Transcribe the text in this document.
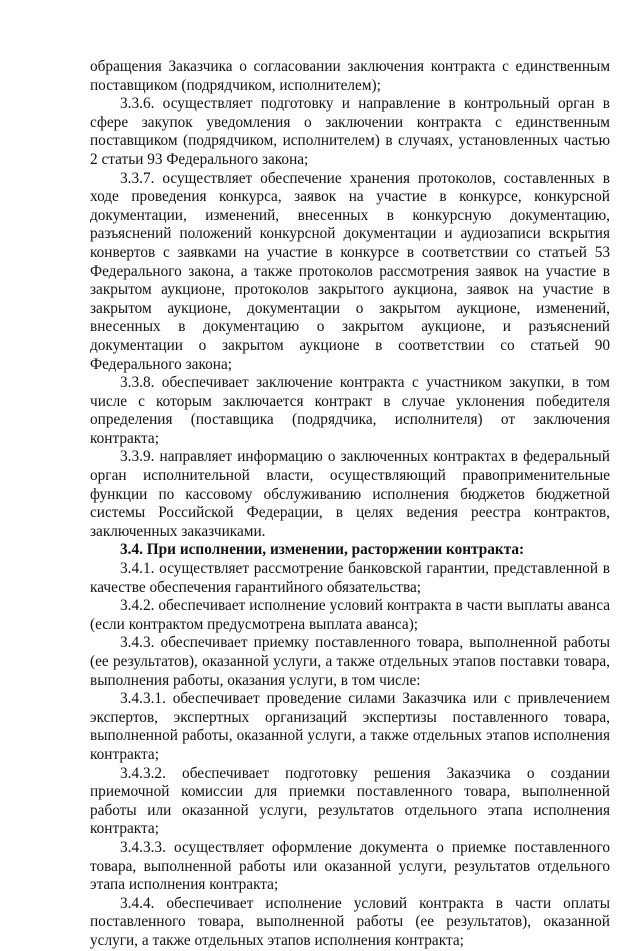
обращения Заказчика о согласовании заключения контракта с единственным поставщиком (подрядчиком, исполнителем);

3.3.6. осуществляет подготовку и направление в контрольный орган в сфере закупок уведомления о заключении контракта с единственным поставщиком (подрядчиком, исполнителем) в случаях, установленных частью 2 статьи 93 Федерального закона;

3.3.7. осуществляет обеспечение хранения протоколов, составленных в ходе проведения конкурса, заявок на участие в конкурсе, конкурсной документации, изменений, внесенных в конкурсную документацию, разъяснений положений конкурсной документации и аудиозаписи вскрытия конвертов с заявками на участие в конкурсе в соответствии со статьей 53 Федерального закона, а также протоколов рассмотрения заявок на участие в закрытом аукционе, протоколов закрытого аукциона, заявок на участие в закрытом аукционе, документации о закрытом аукционе, изменений, внесенных в документацию о закрытом аукционе, и разъяснений документации о закрытом аукционе в соответствии со статьей 90 Федерального закона;

3.3.8. обеспечивает заключение контракта с участником закупки, в том числе с которым заключается контракт в случае уклонения победителя определения (поставщика (подрядчика, исполнителя) от заключения контракта;

3.3.9. направляет информацию о заключенных контрактах в федеральный орган исполнительной власти, осуществляющий правоприменительные функции по кассовому обслуживанию исполнения бюджетов бюджетной системы Российской Федерации, в целях ведения реестра контрактов, заключенных заказчиками.

3.4. При исполнении, изменении, расторжении контракта:

3.4.1. осуществляет рассмотрение банковской гарантии, представленной в качестве обеспечения гарантийного обязательства;

3.4.2. обеспечивает исполнение условий контракта в части выплаты аванса (если контрактом предусмотрена выплата аванса);

3.4.3. обеспечивает приемку поставленного товара, выполненной работы (ее результатов), оказанной услуги, а также отдельных этапов поставки товара, выполнения работы, оказания услуги, в том числе:

3.4.3.1. обеспечивает проведение силами Заказчика или с привлечением экспертов, экспертных организаций экспертизы поставленного товара, выполненной работы, оказанной услуги, а также отдельных этапов исполнения контракта;

3.4.3.2. обеспечивает подготовку решения Заказчика о создании приемочной комиссии для приемки поставленного товара, выполненной работы или оказанной услуги, результатов отдельного этапа исполнения контракта;

3.4.3.3. осуществляет оформление документа о приемке поставленного товара, выполненной работы или оказанной услуги, результатов отдельного этапа исполнения контракта;

3.4.4. обеспечивает исполнение условий контракта в части оплаты поставленного товара, выполненной работы (ее результатов), оказанной услуги, а также отдельных этапов исполнения контракта;
